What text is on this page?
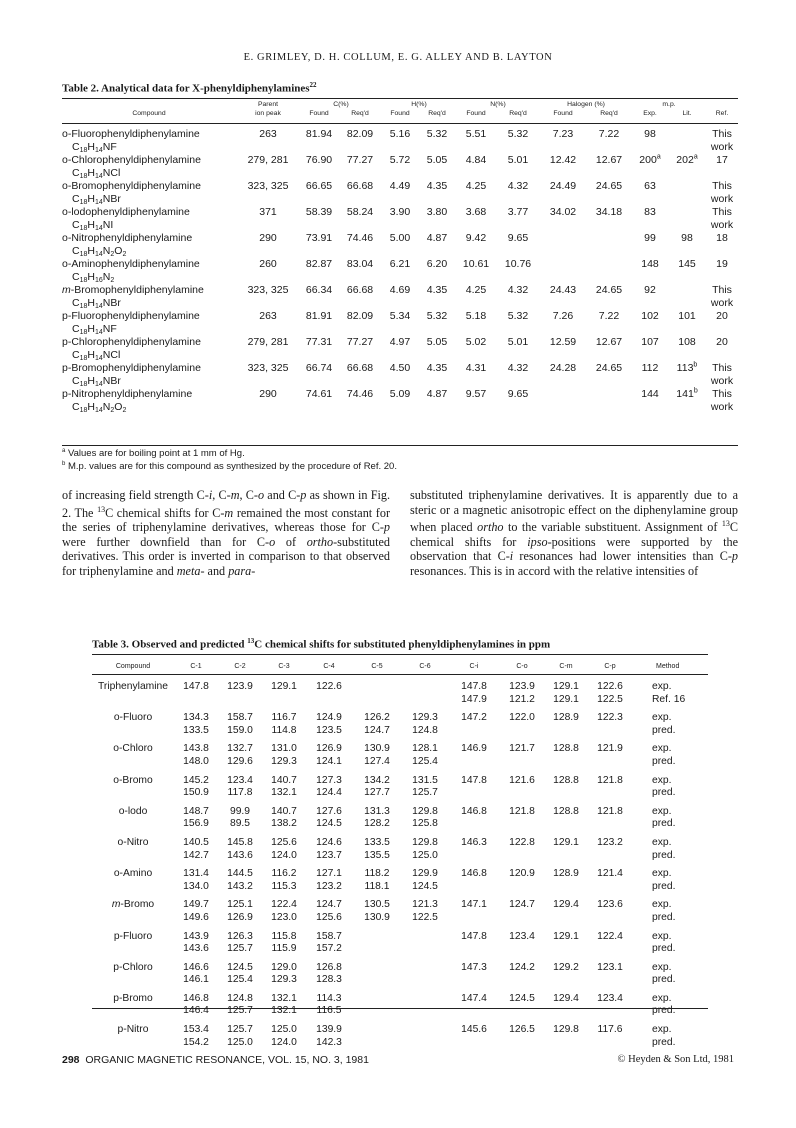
E. GRIMLEY, D. H. COLLUM, E. G. ALLEY AND B. LAYTON
Table 2. Analytical data for X-phenyldiphenylamines$^{22}$
	Parent	C(%)		H(%)		N(%)		Halogen (%)		m.p.		
Compound	ion peak	Found	Req'd	Found	Req'd	Found	Req'd	Found	Req'd	Exp.	Lit.	Ref.

o-Fluorophenyldiphenylamine	263	81.94	82.09	5.16	5.32	5.51	5.32	7.23	7.22	98		This
$C_{18}H_{14}NF$												work
o-Chlorophenyldiphenylamine	279, 281	76.90	77.27	5.72	5.05	4.84	5.01	12.42	12.67	200$^a$	202$^a$	17
$C_{18}H_{14}NCl$												
o-Bromophenyldiphenylamine	323, 325	66.65	66.68	4.49	4.35	4.25	4.32	24.49	24.65	63		This
$C_{18}H_{14}NBr$												work
o-lodophenyldiphenylamine	371	58.39	58.24	3.90	3.80	3.68	3.77	34.02	34.18	83		This
$C_{18}H_{14}NI$												work
o-Nitrophenyldiphenylamine	290	73.91	74.46	5.00	4.87	9.42	9.65			99	98	18
$C_{18}H_{14}N_2O_2$												
o-Aminophenyldiphenylamine	260	82.87	83.04	6.21	6.20	10.61	10.76			148	145	19
$C_{18}H_{16}N_2$												
m-Bromophenyldiphenylamine	323, 325	66.34	66.68	4.69	4.35	4.25	4.32	24.43	24.65	92		This
$C_{18}H_{14}NBr$												work
p-Fluorophenyldiphenylamine	263	81.91	82.09	5.34	5.32	5.18	5.32	7.26	7.22	102	101	20
$C_{18}H_{14}NF$												
p-Chlorophenyldiphenylamine	279, 281	77.31	77.27	4.97	5.05	5.02	5.01	12.59	12.67	107	108	20
$C_{18}H_{14}NCl$												
p-Bromophenyldiphenylamine	323, 325	66.74	66.68	4.50	4.35	4.31	4.32	24.28	24.65	112	113$^b$	This
$C_{18}H_{14}NBr$												work
p-Nitrophenyldiphenylamine	290	74.61	74.46	5.09	4.87	9.57	9.65			144	141$^b$	This
$C_{18}H_{14}N_2O_2$												work
$^a$ Values are for boiling point at 1 mm of Hg.
$^b$ M.p. values are for this compound as synthesized by the procedure of Ref. 20.

of increasing field strength C-i, C-m, C-o and C-p as shown in Fig. 2. The $^{13}$C chemical shifts for C-m remained the most constant for the series of triphenylamine derivatives, whereas those for C-p were further downfield than for C-o of ortho-substituted derivatives. This order is inverted in comparison to that observed for triphenylamine and meta- and para-

substituted triphenylamine derivatives. It is apparently due to a steric or a magnetic anisotropic effect on the diphenylamine group when placed ortho to the variable substituent. Assignment of $^{13}$C chemical shifts for ipso-positions were supported by the observation that C-i resonances had lower intensities than C-p resonances. This is in accord with the relative intensities of

Table 3. Observed and predicted $^{13}$C chemical shifts for substituted phenyldiphenylamines in ppm
Compound	C-1	C-2	C-3	C-4	C-5	C-6	C-i	C-o	C-m	C-p	Method

Triphenylamine	147.8	123.9	129.1	122.6			147.8	123.9	129.1	122.6	exp.
							147.9	121.2	129.1	122.5	Ref. 16
o-Fluoro	134.3	158.7	116.7	124.9	126.2	129.3	147.2	122.0	128.9	122.3	exp.
	133.5	159.0	114.8	123.5	124.7	124.8					pred.
o-Chloro	143.8	132.7	131.0	126.9	130.9	128.1	146.9	121.7	128.8	121.9	exp.
	148.0	129.6	129.3	124.1	127.4	125.4					pred.
o-Bromo	145.2	123.4	140.7	127.3	134.2	131.5	147.8	121.6	128.8	121.8	exp.
	150.9	117.8	132.1	124.4	127.7	125.7					pred.
o-lodo	148.7	99.9	140.7	127.6	131.3	129.8	146.8	121.8	128.8	121.8	exp.
	156.9	89.5	138.2	124.5	128.2	125.8					pred.
o-Nitro	140.5	145.8	125.6	124.6	133.5	129.8	146.3	122.8	129.1	123.2	exp.
	142.7	143.6	124.0	123.7	135.5	125.0					pred.
o-Amino	131.4	144.5	116.2	127.1	118.2	129.9	146.8	120.9	128.9	121.4	exp.
	134.0	143.2	115.3	123.2	118.1	124.5					pred.
m-Bromo	149.7	125.1	122.4	124.7	130.5	121.3	147.1	124.7	129.4	123.6	exp.
	149.6	126.9	123.0	125.6	130.9	122.5					pred.
p-Fluoro	143.9	126.3	115.8	158.7			147.8	123.4	129.1	122.4	exp.
	143.6	125.7	115.9	157.2							pred.
p-Chloro	146.6	124.5	129.0	126.8			147.3	124.2	129.2	123.1	exp.
	146.1	125.4	129.3	128.3							pred.
p-Bromo	146.8	124.8	132.1	114.3			147.4	124.5	129.4	123.4	exp.
	146.4	125.7	132.1	116.5							pred.
p-Nitro	153.4	125.7	125.0	139.9			145.6	126.5	129.8	117.6	exp.
	154.2	125.0	124.0	142.3							pred.
298 ORGANIC MAGNETIC RESONANCE, VOL. 15, NO. 3, 1981	© Heyden & Son Ltd, 1981
